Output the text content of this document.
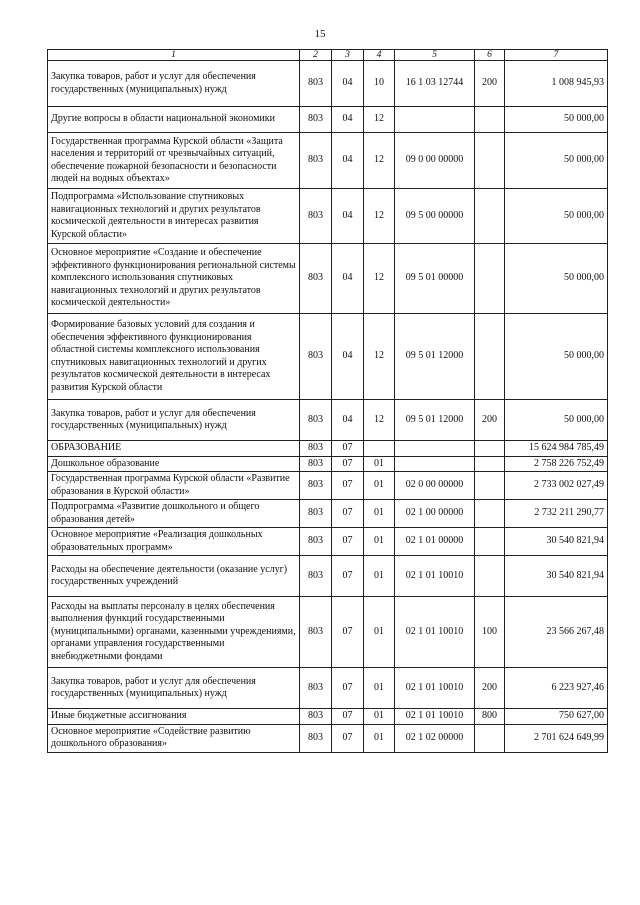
15
1	2	3	4	5	6	7
Закупка товаров, работ и услуг для обеспечения государственных (муниципальных) нужд	803	04	10	16 1 03 12744	200	1 008 945,93
Другие вопросы в области национальной экономики	803	04	12			50 000,00
Государственная программа Курской области «Защита населения и территорий от чрезвычайных ситуаций, обеспечение пожарной безопасности и безопасности людей на водных объектах»	803	04	12	09 0 00 00000		50 000,00
Подпрограмма «Использование спутниковых навигационных технологий и других результатов космической деятельности в интересах развития Курской области»	803	04	12	09 5 00 00000		50 000,00
Основное мероприятие «Создание и обеспечение эффективного функционирования региональной системы комплексного использования спутниковых навигационных технологий и других результатов космической деятельности»	803	04	12	09 5 01 00000		50 000,00
Формирование базовых условий для создания и обеспечения эффективного функционирования областной системы комплексного использования спутниковых навигационных технологий и других результатов космической деятельности в интересах развития Курской области	803	04	12	09 5 01 12000		50 000,00
Закупка товаров, работ и услуг для обеспечения государственных (муниципальных) нужд	803	04	12	09 5 01 12000	200	50 000,00
ОБРАЗОВАНИЕ	803	07				15 624 984 785,49
Дошкольное образование	803	07	01			2 758 226 752,49
Государственная программа Курской области «Развитие образования в Курской области»	803	07	01	02 0 00 00000		2 733 002 027,49
Подпрограмма «Развитие дошкольного и общего образования детей»	803	07	01	02 1 00 00000		2 732 211 290,77
Основное мероприятие «Реализация дошкольных образовательных программ»	803	07	01	02 1 01 00000		30 540 821,94
Расходы на обеспечение деятельности (оказание услуг) государственных учреждений	803	07	01	02 1 01 10010		30 540 821,94
Расходы на выплаты персоналу в целях обеспечения выполнения функций государственными (муниципальными) органами, казенными учреждениями, органами управления государственными внебюджетными фондами	803	07	01	02 1 01 10010	100	23 566 267,48
Закупка товаров, работ и услуг для обеспечения государственных (муниципальных) нужд	803	07	01	02 1 01 10010	200	6 223 927,46
Иные бюджетные ассигнования	803	07	01	02 1 01 10010	800	750 627,00
Основное мероприятие «Содействие развитию дошкольного образования»	803	07	01	02 1 02 00000		2 701 624 649,99
